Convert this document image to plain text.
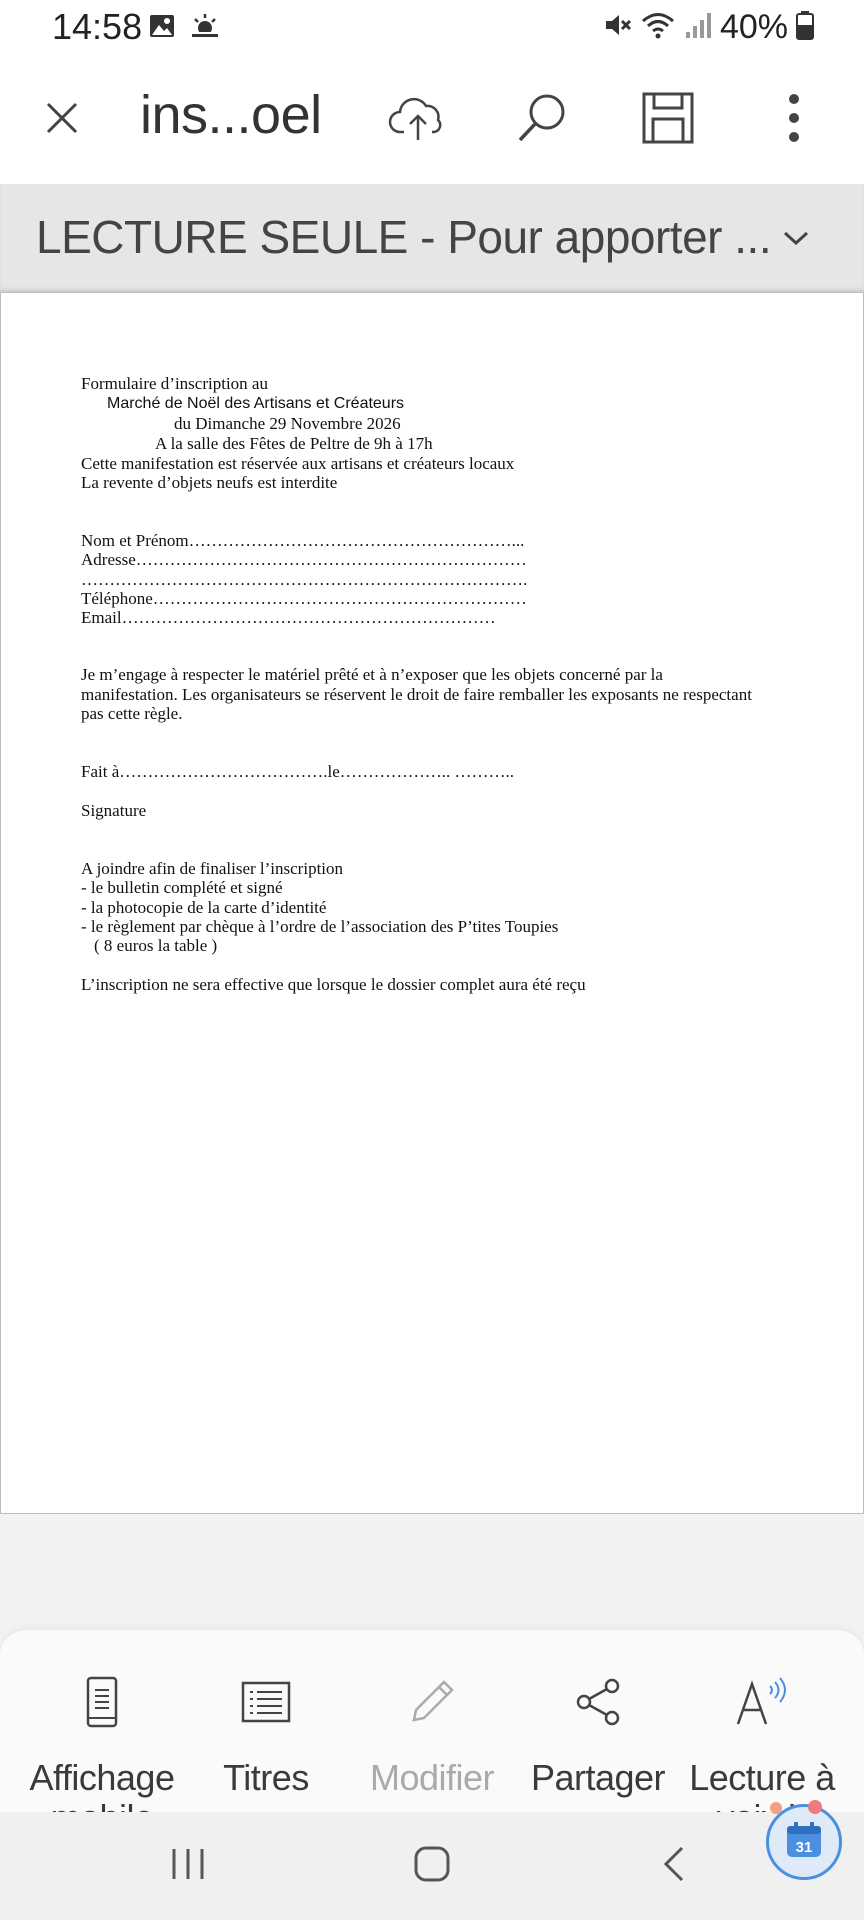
14:58	40%
ins...oel
LECTURE SEULE - Pour apporter ...
Formulaire d’inscription au
Marché de Noël des Artisans et Créateurs
du Dimanche 29 Novembre 2026
A la salle des Fêtes de Peltre de 9h à 17h
Cette manifestation est réservée aux artisans et créateurs locaux
La revente d’objets neufs est interdite
Nom et Prénom…………………………………………………...
Adresse……………………………………………………………
…………………………………………………………………….
Téléphone…………………………………………………………
Email…………………………………………………………
Je m’engage à respecter le matériel prêté et à n’exposer que les objets concerné par la
manifestation. Les organisateurs se réservent le droit de faire remballer les exposants ne respectant
pas cette règle.
Fait à……………………………….le……………….. ………..
Signature
A joindre afin de finaliser l’inscription
- le bulletin complété et signé
- la photocopie de la carte d’identité
- le règlement par chèque à l’ordre de l’association des P’tites Toupies
( 8 euros la table )
L’inscription ne sera effective que lorsque le dossier complet aura été reçu
Affichage	Titres	Modifier	Partager Lecture à
31
